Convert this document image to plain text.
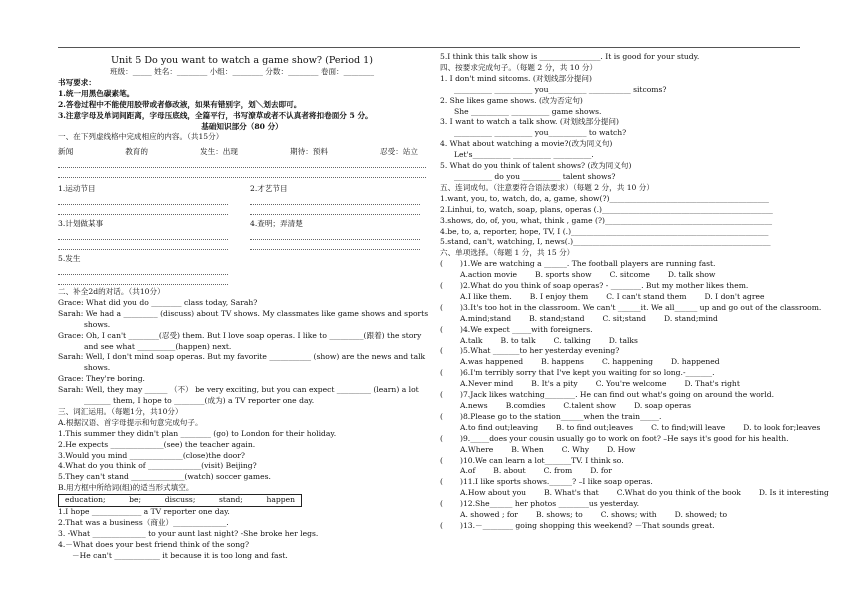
Unit 5 Do you want to watch a game show? (Period 1)
班级：_____ 姓名：________ 小组：________ 分数：________ 卷面：________
书写要求：
1.统一用黑色碳素笔。
2.答卷过程中不能使用胶带或者修改液，如果有错别字，划＼划去即可。
3.注意字母及单词间距离，字母压底线，全篇平行，书写潦草或者不认真者将扣卷面分 5 分。
基础知识部分（80 分）
一、在下列虚线格中完成相应的内容。（共15分）
新闻	教育的	发生：出现	期待：预料	忍受：站立
1.运动节目	2.才艺节目
3.计划做某事	4.查明；弄清楚
5.发生
二、补全2d的对话。（共10分）
Grace: What did you do ________ class today, Sarah?
Sarah: We had a _________ (discuss) about TV shows. My classmates like game shows and sports
shows.
Grace: Oh, I can't ________(忍受) them. But I love soap operas. I like to _________(跟着) the story
and see what __________(happen) next.
Sarah: Well, I don't mind soap operas. But my favorite ___________ (show) are the news and talk
shows.
Grace: They're boring.
Sarah: Well, they may ______ （不） be very exciting, but you can expect _________ (learn) a lot
_______ them, I hope to ________(成为) a TV reporter one day.
三、词汇运用。（每题1分，共10分）
A.根据汉语、首字母提示和句意完成句子。
1.This summer they didn't plan ________ (go) to London for their holiday.
2.He expects ______________(see) the teacher again.
3.Would you mind ______________(close)the door?
4.What do you think of ______________(visit) Beijing?
5.They can't stand ______________(watch) soccer games.
B.用方框中所给词(组)的适当形式填空。
education;	be;	discuss;	stand;	happen
1.I hope _____________ a TV reporter one day.
2.That was a business（商业）______________.
3. -What ______________ to your aunt last night? -She broke her legs.
4.－What does your best friend think of the song?
－He can't ____________ it because it is too long and fast.
5.I think this talk show is ________________. It is good for your study.
四、按要求完成句子。（每题 2 分，共 10 分）
1. I don't mind sitcoms. (对划线部分提问)
__________ __________ you__________ ___________ sitcoms?
2. She likes game shows. (改为否定句)
She __________ __________ game shows.
3. I want to watch a talk show. (对划线部分提问)
__________ __________ you__________ to watch?
4. What about watching a movie?(改为同义句)
Let's__________ __________ __________.
5. What do you think of talent shows? (改为同义句)
__________ do you __________ talent shows?
五、连词成句。（注意要符合语法要求）（每题 2 分，共 10 分）
1.want, you, to, watch, do, a, game, show(?)__________________________________________
2.Linhui, to, watch, soap, plans, operas (.)_____________________________________________
3.shows, do, of, you, what, think , game (?)____________________________________________
4.be, to, a, reporter, hope, TV, I (.)____________________________________________________
5.stand, can't, watching, I, news(.)____________________________________________________
六、单项选择。（每题 1 分，共 15 分）
(	)1.We are watching a ______. The football players are running fast.
A.action movie B. sports show C. sitcome D. talk show
(	)2.What do you think of soap operas? - ________. But my mother likes them.
A.I like them. B. I enjoy them C. I can't stand them D. I don't agree
(	)3.It's too hot in the classroom. We can't ______it. We all______ up and go out of the classroom.
A.mind;stand B. stand;stand C. sit;stand D. stand;mind
(	)4.We expect _____with foreigners.
A.talk B. to talk C. talking D. talks
(	)5.What _______to her yesterday evening?
A.was happened B. happens C. happening D. happened
(	)6.I'm terribly sorry that I've kept you waiting for so long.-_______.
A.Never mind B. It's a pity C. You're welcome D. That's right
(	)7.Jack likes watching________. He can find out what's going on around the world.
A.news B.comdies C.talent show D. soap operas
(	)8.Please go to the station______when the train_____.
A.to find out;leaving B. to find out;leaves C. to find;will leave D. to look for;leaves
(	)9._____does your cousin usually go to work on foot? –He says it's good for his health.
A.Where B. When C. Why D. How
(	)10.We can learn a lot_______TV. I think so.
A.of B. about C. from D. for
(	)11.I like sports shows.______? –I like soap operas.
A.How about you B. What's that C.What do you think of the book D. Is it interesting
(	)12.She______ her photos ________us yesterday.
A. showed ; for B. shows; to C. shows; with D. showed; to
(	)13.－________ going shopping this weekend? －That sounds great.
